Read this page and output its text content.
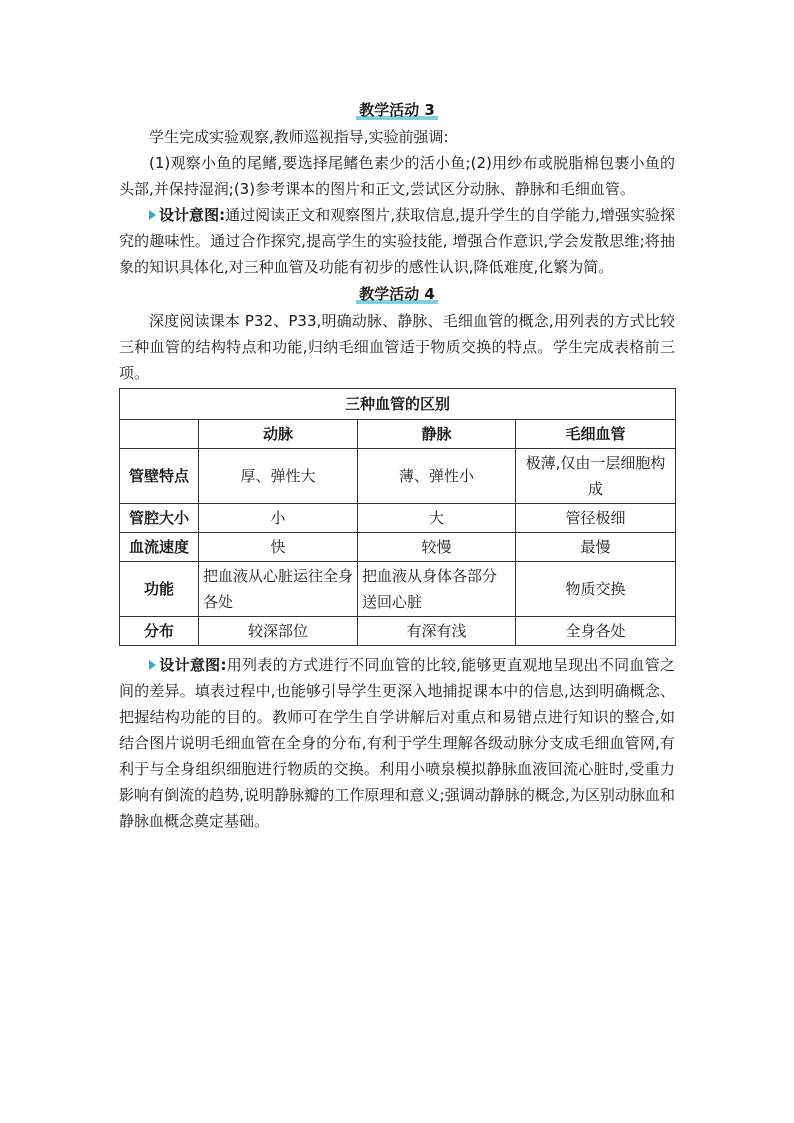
教学活动 3

学生完成实验观察,教师巡视指导,实验前强调:

(1)观察小鱼的尾鳍,要选择尾鳍色素少的活小鱼;(2)用纱布或脱脂棉包裹小鱼的头部,并保持湿润;(3)参考课本的图片和正文,尝试区分动脉、静脉和毛细血管。

设计意图:通过阅读正文和观察图片,获取信息,提升学生的自学能力,增强实验探究的趣味性。通过合作探究,提高学生的实验技能, 增强合作意识,学会发散思维;将抽象的知识具体化,对三种血管及功能有初步的感性认识,降低难度,化繁为简。

教学活动 4

深度阅读课本 P32、P33,明确动脉、静脉、毛细血管的概念,用列表的方式比较三种血管的结构特点和功能,归纳毛细血管适于物质交换的特点。学生完成表格前三项。

三种血管的区别			
	动脉	静脉	毛细血管
管壁特点	厚、弹性大	薄、弹性小	极薄,仅由一层细胞构成
管腔大小	小	大	管径极细
血流速度	快	较慢	最慢
功能	把血液从心脏运往全身各处	把血液从身体各部分送回心脏	物质交换
分布	较深部位	有深有浅	全身各处

设计意图:用列表的方式进行不同血管的比较,能够更直观地呈现出不同血管之间的差异。填表过程中,也能够引导学生更深入地捕捉课本中的信息,达到明确概念、把握结构功能的目的。教师可在学生自学讲解后对重点和易错点进行知识的整合,如结合图片说明毛细血管在全身的分布,有利于学生理解各级动脉分支成毛细血管网,有利于与全身组织细胞进行物质的交换。利用小喷泉模拟静脉血液回流心脏时,受重力影响有倒流的趋势,说明静脉瓣的工作原理和意义;强调动静脉的概念,为区别动脉血和静脉血概念奠定基础。
